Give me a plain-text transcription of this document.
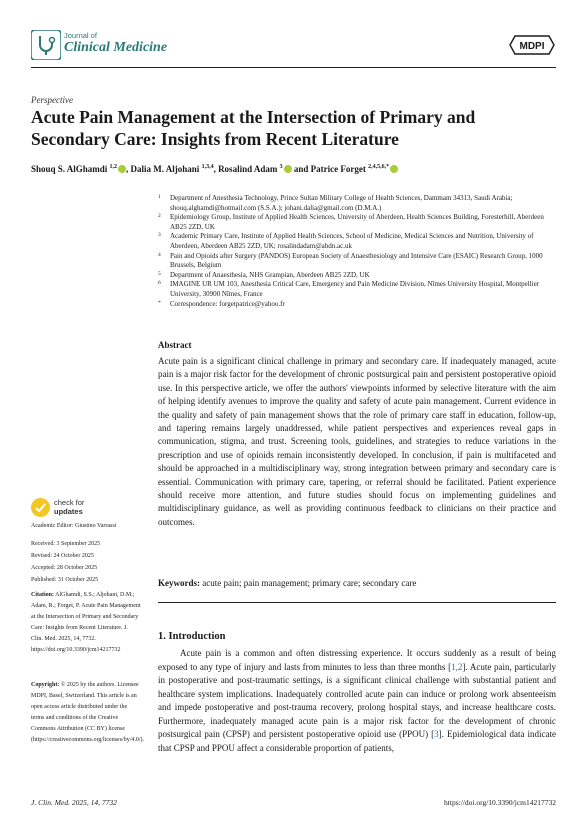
Journal of
Clinical Medicine	MDPI
Perspective
Acute Pain Management at the Intersection of Primary and Secondary Care: Insights from Recent Literature
Shouq S. AlGhamdi $^{1,2}$ , Dalia M. Aljohani $^{1,3,4}$, Rosalind Adam $^3$ and Patrice Forget $^{2,4,5,6,*}$
1 Department of Anesthesia Technology, Prince Sultan Military College of Health Sciences, Dammam 34313, Saudi Arabia; shouq.alghamdi@hotmail.com (S.S.A.); johani.dalia@gmail.com (D.M.A.)
2 Epidemiology Group, Institute of Applied Health Sciences, University of Aberdeen, Health Sciences Building, Foresterhill, Aberdeen AB25 2ZD, UK
3 Academic Primary Care, Institute of Applied Health Sciences, School of Medicine, Medical Sciences and Nutrition, University of Aberdeen, Aberdeen AB25 2ZD, UK; rosalindadam@abdn.ac.uk
4 Pain and Opioids after Surgery (PANDOS) European Society of Anaesthesiology and Intensive Care (ESAIC) Research Group, 1000 Brussels, Belgium
5 Department of Anaesthesia, NHS Grampian, Aberdeen AB25 2ZD, UK
6 IMAGINE UR UM 103, Anesthesia Critical Care, Emergency and Pain Medicine Division, Nîmes University Hospital, Montpellier University, 30900 Nîmes, France
* Correspondence: forgetpatrice@yahoo.fr
Abstract
Acute pain is a significant clinical challenge in primary and secondary care. If inadequately managed, acute pain is a major risk factor for the development of chronic postsurgical pain and persistent postoperative opioid use. In this perspective article, we offer the authors' viewpoints informed by selective literature with the aim of helping identify avenues to improve the quality and safety of acute pain management. Current evidence in the quality and safety of pain management shows that the role of primary care staff in education, follow-up, and tapering remains largely unaddressed, while patient perspectives and experiences reveal gaps in communication, stigma, and trust. Screening tools, guidelines, and strategies to reduce variations in the prescription and use of opioids remain inconsistently developed. In conclusion, if pain is multifaceted and should be approached in a multidisciplinary way, strong integration between primary and secondary care is essential. Communication with primary care, tapering, or referral should be facilitated. Patient experience should receive more attention, and future studies should focus on implementing guidelines and multidisciplinary guidance, as well as providing continuous feedback to clinicians on their practice and outcomes.
Keywords: acute pain; pain management; primary care; secondary care
1. Introduction
Acute pain is a common and often distressing experience. It occurs suddenly as a result of being exposed to any type of injury and lasts from minutes to less than three months [1,2]. Acute pain, particularly in postoperative and post-traumatic settings, is a significant clinical challenge with substantial patient and healthcare system implications. Inadequately controlled acute pain can induce or prolong work absenteeism and impede postoperative and post-trauma recovery, prolong hospital stays, and increase healthcare costs. Furthermore, inadequately managed acute pain is a major risk factor for the development of chronic postsurgical pain (CPSP) and persistent postoperative opioid use (PPOU) [3]. Epidemiological data indicate that CPSP and PPOU affect a considerable proportion of patients,
check for
updates
Academic Editor: Giustino Varrassi
Received: 3 September 2025
Revised: 24 October 2025
Accepted: 28 October 2025
Published: 31 October 2025
Citation: AlGhamdi, S.S.; Aljohani, D.M.; Adam, R.; Forget, P. Acute Pain Management at the Intersection of Primary and Secondary Care: Insights from Recent Literature. J. Clin. Med. 2025, 14, 7732. https://doi.org/10.3390/jcm14217732
Copyright: © 2025 by the authors. Licensee MDPI, Basel, Switzerland. This article is an open access article distributed under the terms and conditions of the Creative Commons Attribution (CC BY) license (https://creativecommons.org/licenses/by/4.0/).
J. Clin. Med. 2025, 14, 7732	https://doi.org/10.3390/jcm14217732
